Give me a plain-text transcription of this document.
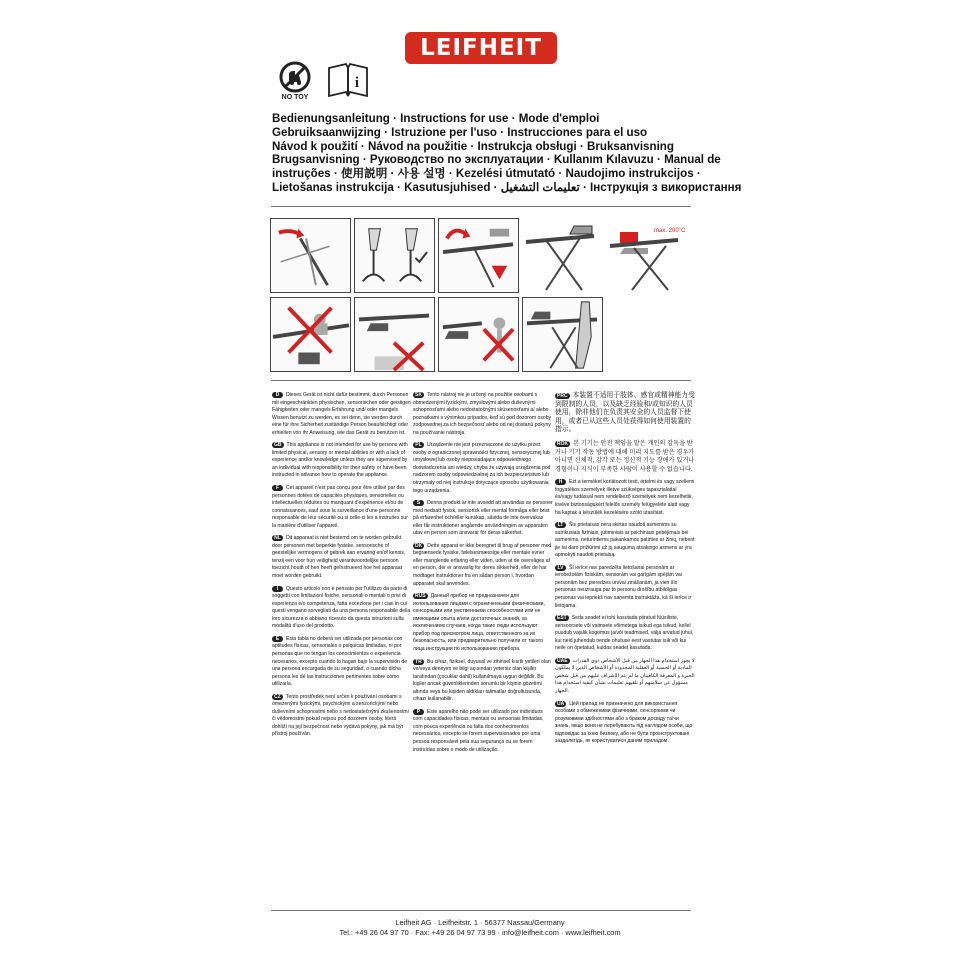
LEIFHEIT
NO TOY
i
Bedienungsanleitung · Instructions for use · Mode d'emploi
Gebruiksaanwijzing · Istruzione per l'uso · Instrucciones para el uso
Návod k použití · Návod na použitie · Instrukcja obsługi · Bruksanvisning
Brugsanvisning · Руководство по эксплуатации · Kullanım Kılavuzu · Manual de
instruções · 使用説明 · 사용 설명 · Kezelési útmutató · Naudojimo instrukcijos ·
Lietošanas instrukcija · Kasutusjuhised · تعليمات التشغيل · Інструкція з використання
max. 200°C
D Dieses Gerät ist nicht dafür bestimmt, durch Personen mit eingeschränkten physischen, sensorischen oder geistigen Fähigkeiten oder mangels Erfahrung und/ oder mangels Wissen benutzt zu werden, es sei denn, sie werden durch eine für ihre Sicherheit zuständige Person beaufsichtigt oder erhielten von ihr Anweisung, wie das Gerät zu benutzen ist.
GB This appliance is not intended for use by persons with limited physical, sensory or mental abilities or with a lack of experience and/or knowledge unless they are supervised by an individual with responsibility for their safety or have been instructed in advance how to operate the appliance.
F Cet appareil n'est pas conçu pour être utilisé par des personnes dotées de capacités physiques, sensorielles ou intellectuelles réduites ou manquant d'expérience et/ou de connaissances, sauf sous la surveillance d'une personne responsable de leur sécurité ou si celle-ci les a instruites sur la manière d'utiliser l'appareil.
NL Dit apparaat is niet bestemd om te worden gebruikt door personen met beperkte fysieke, sensorische of geestelijke vermogens of gebrek aan ervaring en/of kennis, tenzij een voor hun veiligheid verantwoordelijke persoon toezicht houdt of hen heeft geïnstrueerd hoe het apparaat moet worden gebruikt.
I Questo articolo non è pensato per l'utilizzo da parte di soggetti con limitazioni fisiche, sensoriali o mentali o privi di esperienza e/o competenza, fatta eccezione per i casi in cui questi vengano sorvegliati da una persona responsabile della loro sicurezza o abbiano ricevuto da questa istruzioni sulla modalità d'uso del prodotto.
E Esta tabla no deberá ser utilizada por personas con aptitudes físicas, sensoriales o psíquicas limitadas, ni por personas que no tengan los conocimientos o experiencia necesarios, excepto cuando lo hagan bajo la supervisión de una persona encargada de su seguridad, o cuando dicha persona les dé las instrucciones pertinentes sobre cómo utilizarla.
CZ Tento prostředek není určen k používání osobami s omezenými fyzickými, psychickými a senzorickými nebo duševními schopnostmi nebo s nedostatečnými zkušenostmi či vědomostmi pokud nejsou pod dozorem osoby, která dohlíží na její bezpečnost nebo vydává pokyny, jak má být přístroj používán.
SK Tento nástroj nie je určený na použitie osobami s obmedzenými fyzickými, zmyslovými alebo duševnými schopnosťami alebo nedostatočnými skúsenosťami a/ alebo poznatkami s výnimkou prípadov, keď sú pod dozorom osoby zodpovednej za ich bezpečnosť alebo od nej dostanú pokyny na používanie nástroja.
PL Urządzenie nie jest przeznaczone do użytku przez osoby o ograniczonej sprawności fizycznej, sensorycznej lub umysłowej lub osoby nieposiadające odpowiedniego doświadczenia ani wiedzy, chyba że używają urządzenia pod nadzorem osoby odpowiedzialnej za ich bezpieczeństwo lub otrzymały od niej instrukcje dotyczące sposobu użytkowania tego urządzenia.
S Denna produkt är inte avsedd att användas av personer med nedsatt fysisk, sensorisk eller mental förmåga eller brist på erfarenhet och/eller kunskap, såvida de inte övervakas eller får instruktioner angående användningen av apparaten utav en person som ansvarar för deras säkerhet.
DK Dette apparat er ikke beregnet til brug af personer med begrænsede fysiske, følelsesmæssige eller mentale evner eller manglende erfaring eller viden, uden at de overvåges af en person, der er ansvarlig for deres sikkerhed, eller de har modtaget instruktioner fra en sådan person i, hvordan apparatet skal anvendes.
RUS Данный прибор не предназначен для использования лицами с ограниченными физическими, сенсорными или умственными способностями или не имеющими опыта и/или достаточных знаний, за исключением случаев, когда такие люди используют прибор под присмотром лица, ответственного за их безопасность, или предварительно получили от такого лица инструкции по использованию прибора.
TR Bu cihaz, fiziksel, duyusal ve zihinsel kısıtlı yetileri olan ve/veya deneyim ve bilgi açısından yetersiz olan kişiler tarafından (çocuklar dahil) kullanılmaya uygun değildir. Bu kişiler ancak güvenliklerinden sorumlu bir kişinin gözetimi altında veya bu kişiden aldıkları talimatlar doğrultusunda, cihazı kullanabilir.
P Este aparelho não pode ser utilizado por indivíduos com capacidades físicas, mentais ou sensoriais limitadas, com pouca experiência ou falta dos conhecimentos necessários, excepto se forem supervisionados por uma pessoa responsável pela sua segurança ou se forem instruídas sobre o modo de utilização.
PRC 本装置不适用于肢体、感官或精神能力受到限制的人员，以及缺乏经验和/或知识的人员使用，除非他们在负责其安全的人员监督下使用，或者已从这些人员处获得如何使用装置的指示。
ROK 본 기기는 안전 책임을 맡은 개인의 감독을 받거나 기기 작동 방법에 대해 미리 지도를 받은 경우가 아니면 신체적, 감각 또는 정신적 기능 장애가 있거나 경험이나 지식이 부족한 사람이 사용할 수 없습니다.
H Ezt a terméket korlátozott testi, értelmi és vagy szellemi fogyatékos személyek illetve szükséges tapasztalattal és/vagy tudással nem rendelkező személyek nem kezelhetik, kivéve biztonságukért felelős személy felügyelete alatt vagy ha kaptak a készülék kezelésére szóló utasítást.
LT Šis prietaisas nėra skirtas naudoti asmenims su sutrikusiais fiziniais, jutiminiais ar psichiniais gebėjimais bei asmenims, neturintiems pakankamos patirties ar žinių, nebent jie tai daro prižiūrimi už jų saugumą atsakingo asmens ar yra apmokyti naudoti prietaisą.
LV Šī ierīce nav paredzēta lietošanai personām ar ierobežotām fiziskām, sensorām vai garīgām spējām vai personām bez pieredzes un/vai zināšanām, ja vien šīs personas neuzrauga par to personu drošību atbildīgas personas vai iepriekš nav saņemta instruktāža, kā šī ierīce ir lietojama.
EST Seda seadet ei tohi kasutada piiratud füüsiliste, sensoorsete või vaimsete võimetega isikud ega isikud, kellel puudub vajalik kogemus ja/või teadmised, välja arvatud juhul, kui neid juhendab nende ohutuse eest vastutav isik või kui neile on õpetatud, kuidas seadet kasutada.
UAE لا يجوز استخدام هذا الجهاز من قبل الأشخاص ذوي القدرات المادية أو الحسية أو العقلية المحدودة أو الأشخاص الذين لا يملكون الخبرة و المعرفة الكافيتان ما لم يتم الإشراف عليهم من قبل شخص مسؤول عن سلامتهم أو تلقيهم تعليمات بشأن كيفية استخدام هذا الجهاز.
UA Цей прилад не призначено для використання особами з обмеженими фізичними, сенсорними чи розумовими здібностями або з браком досвіду та/чи знань, якщо вони не перебувають під наглядом особи, що відповідає за їхню безпеку, або не були проінструктовані заздалегідь, як користуватися даним приладом.
Leifheit AG · Leifheitstr. 1 · 56377 Nassau/Germany
Tel.: +49 26 04 97 70 · Fax: +49 26 04 97 73 99 · info@leifheit.com · www.leifheit.com
